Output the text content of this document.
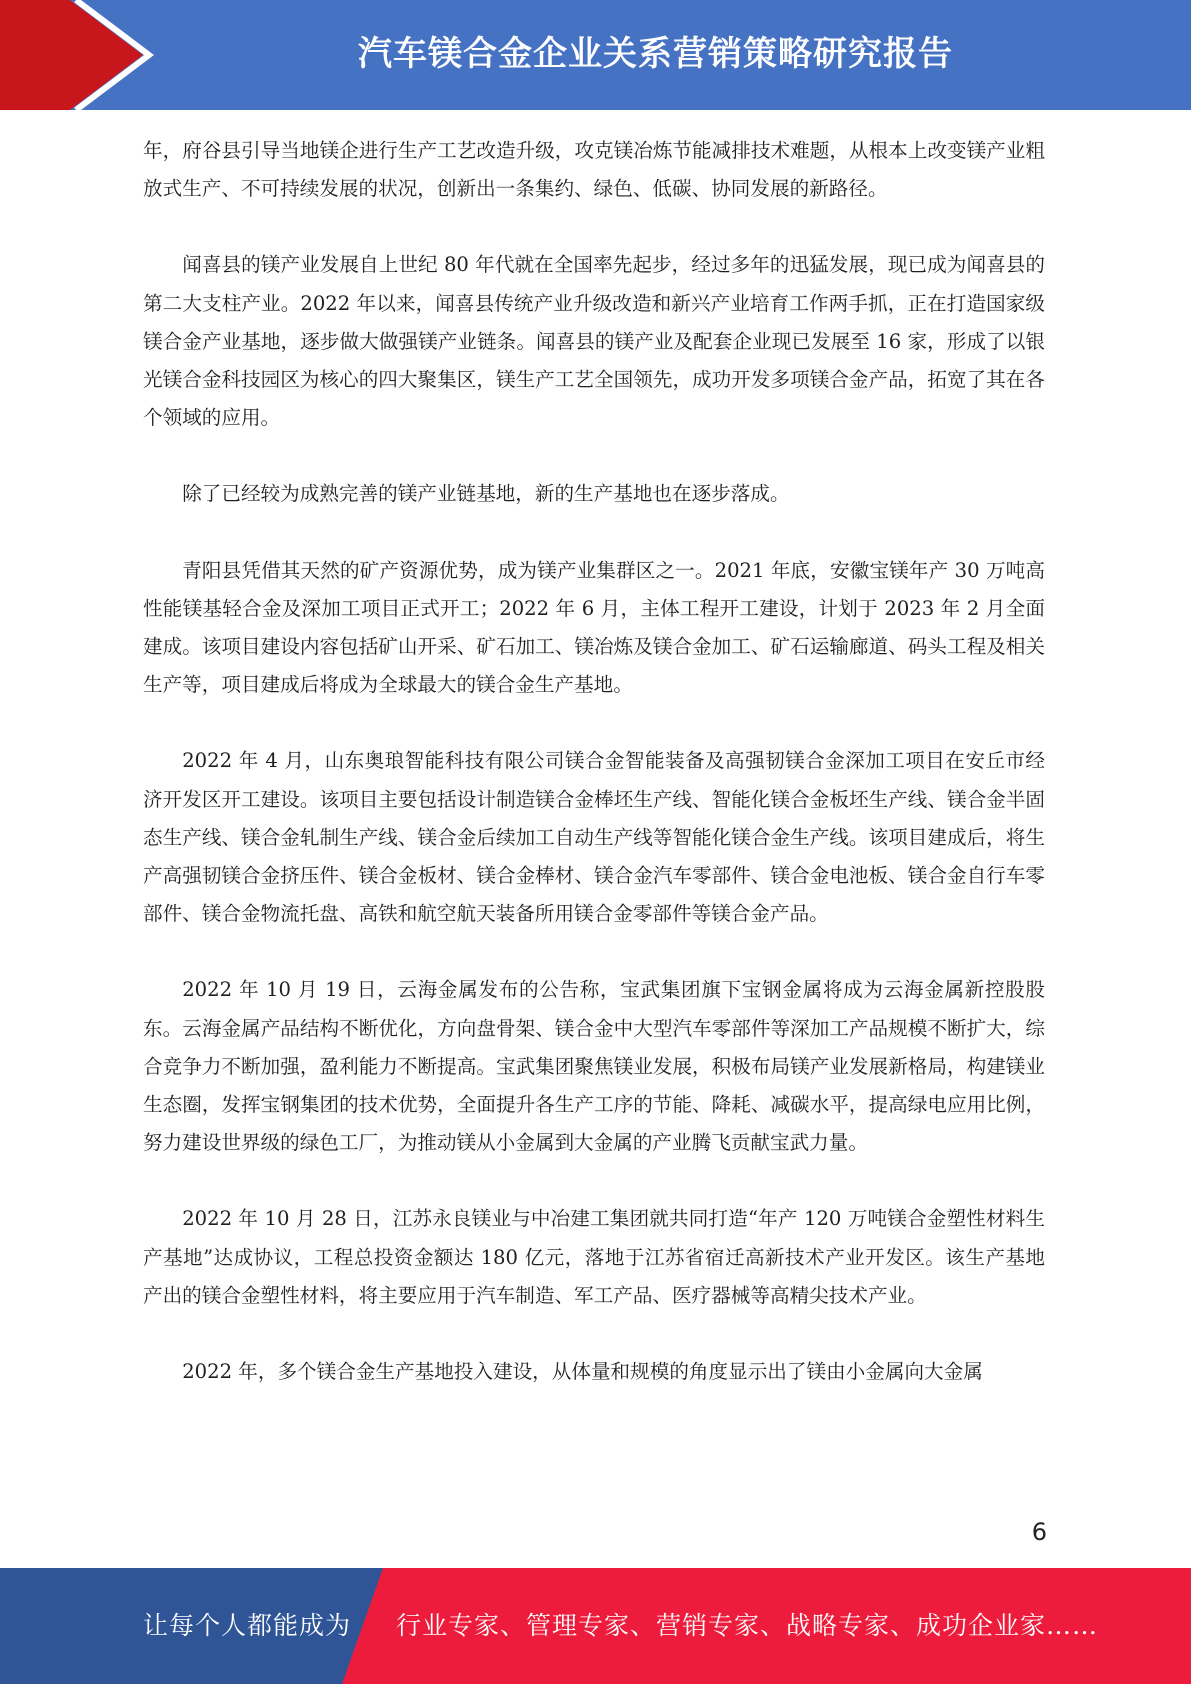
汽车镁合金企业关系营销策略研究报告

年，府谷县引导当地镁企进行生产工艺改造升级，攻克镁冶炼节能减排技术难题，从根本上改变镁产业粗放式生产、不可持续发展的状况，创新出一条集约、绿色、低碳、协同发展的新路径。

闻喜县的镁产业发展自上世纪 80 年代就在全国率先起步，经过多年的迅猛发展，现已成为闻喜县的第二大支柱产业。2022 年以来，闻喜县传统产业升级改造和新兴产业培育工作两手抓，正在打造国家级镁合金产业基地，逐步做大做强镁产业链条。闻喜县的镁产业及配套企业现已发展至 16 家，形成了以银光镁合金科技园区为核心的四大聚集区，镁生产工艺全国领先，成功开发多项镁合金产品，拓宽了其在各个领域的应用。

除了已经较为成熟完善的镁产业链基地，新的生产基地也在逐步落成。

青阳县凭借其天然的矿产资源优势，成为镁产业集群区之一。2021 年底，安徽宝镁年产 30 万吨高性能镁基轻合金及深加工项目正式开工；2022 年 6 月，主体工程开工建设，计划于 2023 年 2 月全面建成。该项目建设内容包括矿山开采、矿石加工、镁冶炼及镁合金加工、矿石运输廊道、码头工程及相关生产等，项目建成后将成为全球最大的镁合金生产基地。

2022 年 4 月，山东奥琅智能科技有限公司镁合金智能装备及高强韧镁合金深加工项目在安丘市经济开发区开工建设。该项目主要包括设计制造镁合金棒坯生产线、智能化镁合金板坯生产线、镁合金半固态生产线、镁合金轧制生产线、镁合金后续加工自动生产线等智能化镁合金生产线。该项目建成后，将生产高强韧镁合金挤压件、镁合金板材、镁合金棒材、镁合金汽车零部件、镁合金电池板、镁合金自行车零部件、镁合金物流托盘、高铁和航空航天装备所用镁合金零部件等镁合金产品。

2022 年 10 月 19 日，云海金属发布的公告称，宝武集团旗下宝钢金属将成为云海金属新控股股东。云海金属产品结构不断优化，方向盘骨架、镁合金中大型汽车零部件等深加工产品规模不断扩大，综合竞争力不断加强，盈利能力不断提高。宝武集团聚焦镁业发展，积极布局镁产业发展新格局，构建镁业生态圈，发挥宝钢集团的技术优势，全面提升各生产工序的节能、降耗、减碳水平，提高绿电应用比例，努力建设世界级的绿色工厂，为推动镁从小金属到大金属的产业腾飞贡献宝武力量。

2022 年 10 月 28 日，江苏永良镁业与中冶建工集团就共同打造“年产 120 万吨镁合金塑性材料生产基地”达成协议，工程总投资金额达 180 亿元，落地于江苏省宿迁高新技术产业开发区。该生产基地产出的镁合金塑性材料，将主要应用于汽车制造、军工产品、医疗器械等高精尖技术产业。

2022 年，多个镁合金生产基地投入建设，从体量和规模的角度显示出了镁由小金属向大金属

6
让每个人都能成为 行业专家、管理专家、营销专家、战略专家、成功企业家……
